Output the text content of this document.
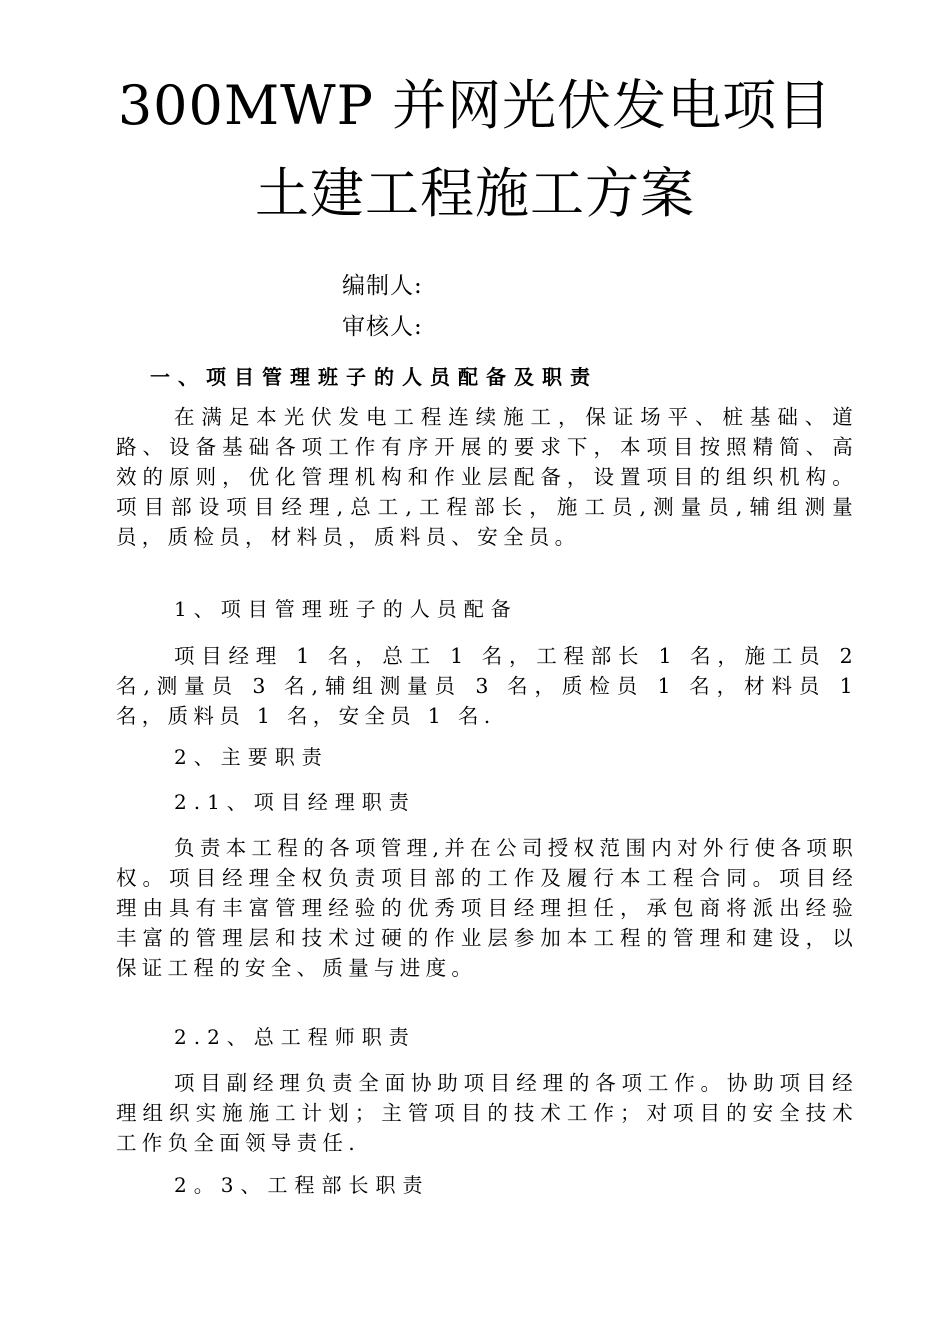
300MWP 并网光伏发电项目
土建工程施工方案
编制人:
审核人:
一、项目管理班子的人员配备及职责
在满足本光伏发电工程连续施工，保证场平、桩基础、道路、设备基础各项工作有序开展的要求下，本项目按照精简、高效的原则，优化管理机构和作业层配备，设置项目的组织机构。项目部设项目经理,总工,工程部长，施工员,测量员,辅组测量员，质检员，材料员，质料员、安全员。
1、项目管理班子的人员配备
项目经理 1 名，总工 1 名，工程部长 1 名，施工员 2 名,测量员 3 名,辅组测量员 3 名，质检员 1 名，材料员 1 名，质料员 1 名，安全员 1 名.
2、主要职责
2.1、项目经理职责
负责本工程的各项管理,并在公司授权范围内对外行使各项职权。项目经理全权负责项目部的工作及履行本工程合同。项目经理由具有丰富管理经验的优秀项目经理担任，承包商将派出经验丰富的管理层和技术过硬的作业层参加本工程的管理和建设，以保证工程的安全、质量与进度。
2.2、总工程师职责
项目副经理负责全面协助项目经理的各项工作。协助项目经理组织实施施工计划；主管项目的技术工作；对项目的安全技术工作负全面领导责任.
2。3、工程部长职责
